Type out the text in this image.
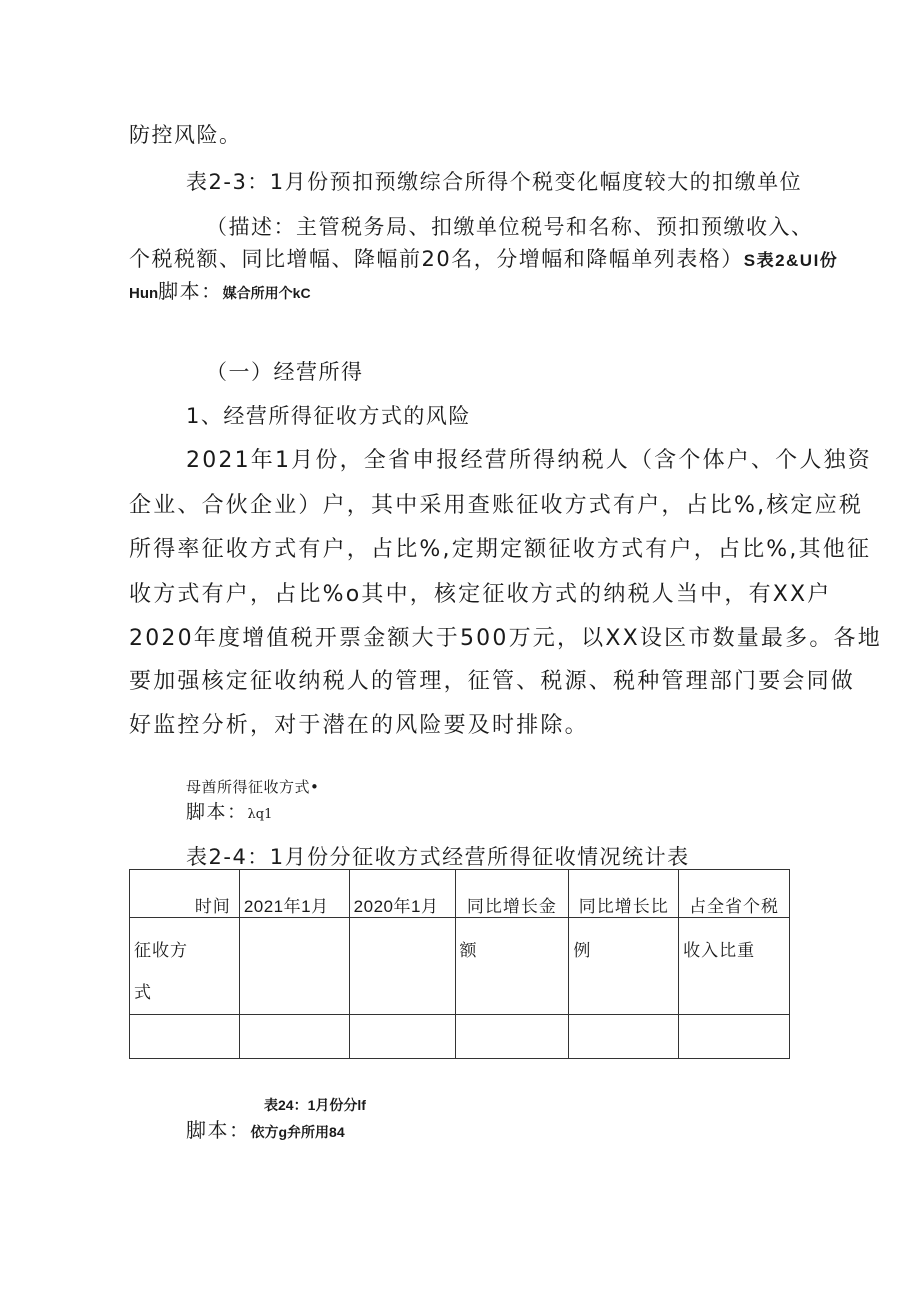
防控风险。
表2-3：1月份预扣预缴综合所得个税变化幅度较大的扣缴单位
（描述：主管税务局、扣缴单位税号和名称、预扣预缴收入、
个税税额、同比增幅、降幅前20名，分增幅和降幅单列表格）S表2&UI份
Hun脚本：媒合所用个kC
（一）经营所得
1、经营所得征收方式的风险
2021年1月份，全省申报经营所得纳税人（含个体户、个人独资
企业、合伙企业）户，其中采用查账征收方式有户，占比%,核定应税
所得率征收方式有户，占比%,定期定额征收方式有户，占比%,其他征
收方式有户，占比%o其中，核定征收方式的纳税人当中，有XX户
2020年度增值税开票金额大于500万元，以XX设区市数量最多。各地
要加强核定征收纳税人的管理，征管、税源、税种管理部门要会同做
好监控分析，对于潜在的风险要及时排除。
母酋所得征收方式•
脚本：λq1
表2-4：1月份分征收方式经营所得征收情况统计表
时间	2021年1月	2020年1月	同比增长金	同比增长比	占全省个税

征收方
式			额	例	收入比重

表24：1月份分lf
脚本：依方g弁所用84
